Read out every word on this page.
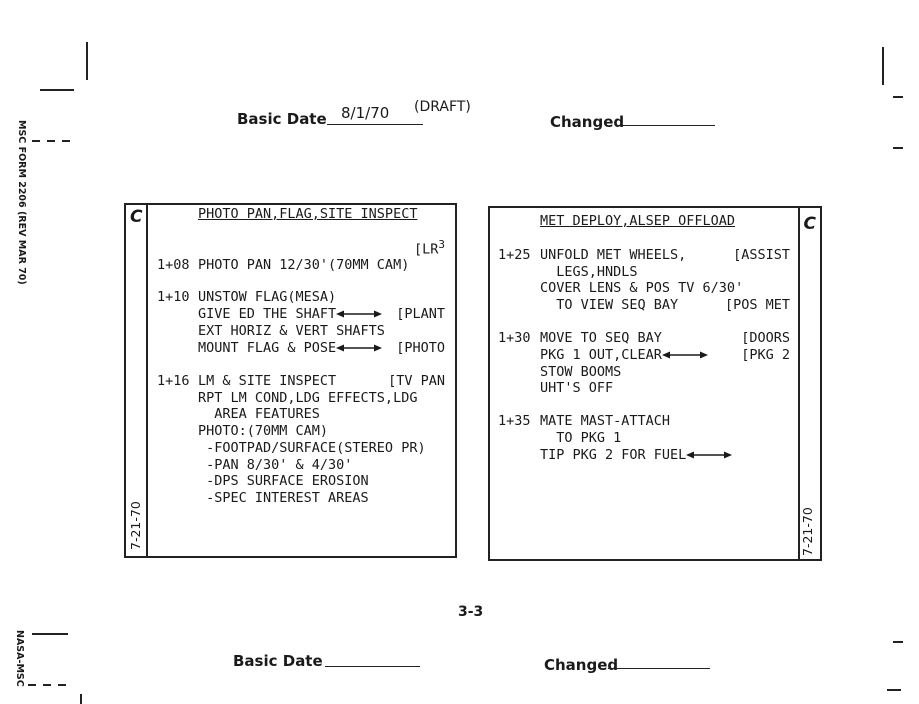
MSC FORM 2206 (REV MAR 70)
NASA-MSC
Basic Date 8/1/70 (DRAFT)
Changed
C
7-21-70
PHOTO PAN,FLAG,SITE INSPECT
[$LR^3$
1+08 PHOTO PAN 12/30'(70MM CAM)
1+10 UNSTOW FLAG(MESA)
GIVE ED THE SHAFT	[PLANT
EXT HORIZ & VERT SHAFTS
MOUNT FLAG & POSE	[PHOTO
1+16 LM & SITE INSPECT	[TV PAN
RPT LM COND,LDG EFFECTS,LDG
AREA FEATURES
PHOTO:(70MM CAM)
-FOOTPAD/SURFACE(STEREO PR)
-PAN 8/30' & 4/30'
-DPS SURFACE EROSION
-SPEC INTEREST AREAS
C
7-21-70
MET DEPLOY,ALSEP OFFLOAD
1+25 UNFOLD MET WHEELS,	[ASSIST
LEGS,HNDLS
COVER LENS & POS TV 6/30'
TO VIEW SEQ BAY	[POS MET
1+30 MOVE TO SEQ BAY	[DOORS
PKG 1 OUT,CLEAR	[PKG 2
STOW BOOMS
UHT'S OFF
1+35 MATE MAST-ATTACH
TO PKG 1
TIP PKG 2 FOR FUEL
3-3
Basic Date	Changed
